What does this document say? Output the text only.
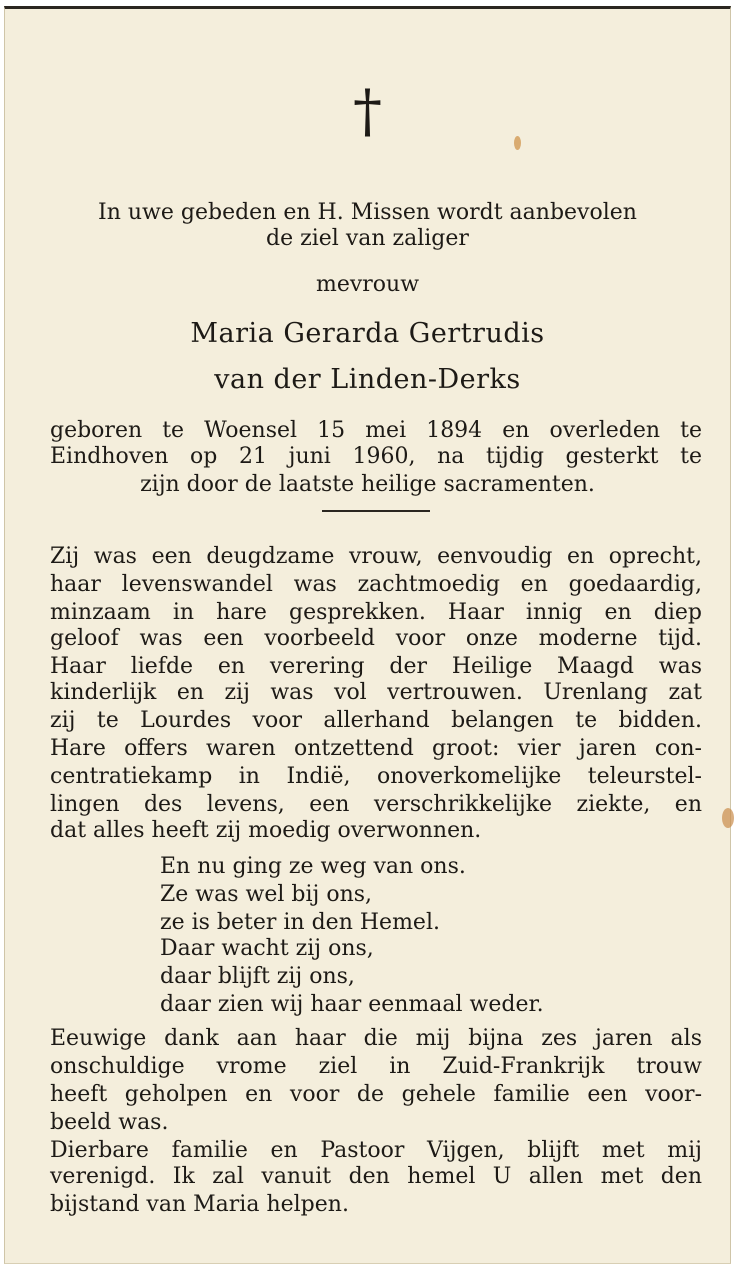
†
In uwe gebeden en H. Missen wordt aanbevolen
de ziel van zaliger
mevrouw
Maria Gerarda Gertrudis
van der Linden-Derks
geboren te Woensel 15 mei 1894 en overleden te
Eindhoven op 21 juni 1960, na tijdig gesterkt te
zijn door de laatste heilige sacramenten.
Zij was een deugdzame vrouw, eenvoudig en oprecht,
haar levenswandel was zachtmoedig en goedaardig,
minzaam in hare gesprekken. Haar innig en diep
geloof was een voorbeeld voor onze moderne tijd.
Haar liefde en verering der Heilige Maagd was
kinderlijk en zij was vol vertrouwen. Urenlang zat
zij te Lourdes voor allerhand belangen te bidden.
Hare offers waren ontzettend groot: vier jaren con-
centratiekamp in Indië, onoverkomelijke teleurstel-
lingen des levens, een verschrikkelijke ziekte, en
dat alles heeft zij moedig overwonnen.
En nu ging ze weg van ons.
Ze was wel bij ons,
ze is beter in den Hemel.
Daar wacht zij ons,
daar blijft zij ons,
daar zien wij haar eenmaal weder.
Eeuwige dank aan haar die mij bijna zes jaren als
onschuldige vrome ziel in Zuid-Frankrijk trouw
heeft geholpen en voor de gehele familie een voor-
beeld was.
Dierbare familie en Pastoor Vijgen, blijft met mij
verenigd. Ik zal vanuit den hemel U allen met den
bijstand van Maria helpen.
